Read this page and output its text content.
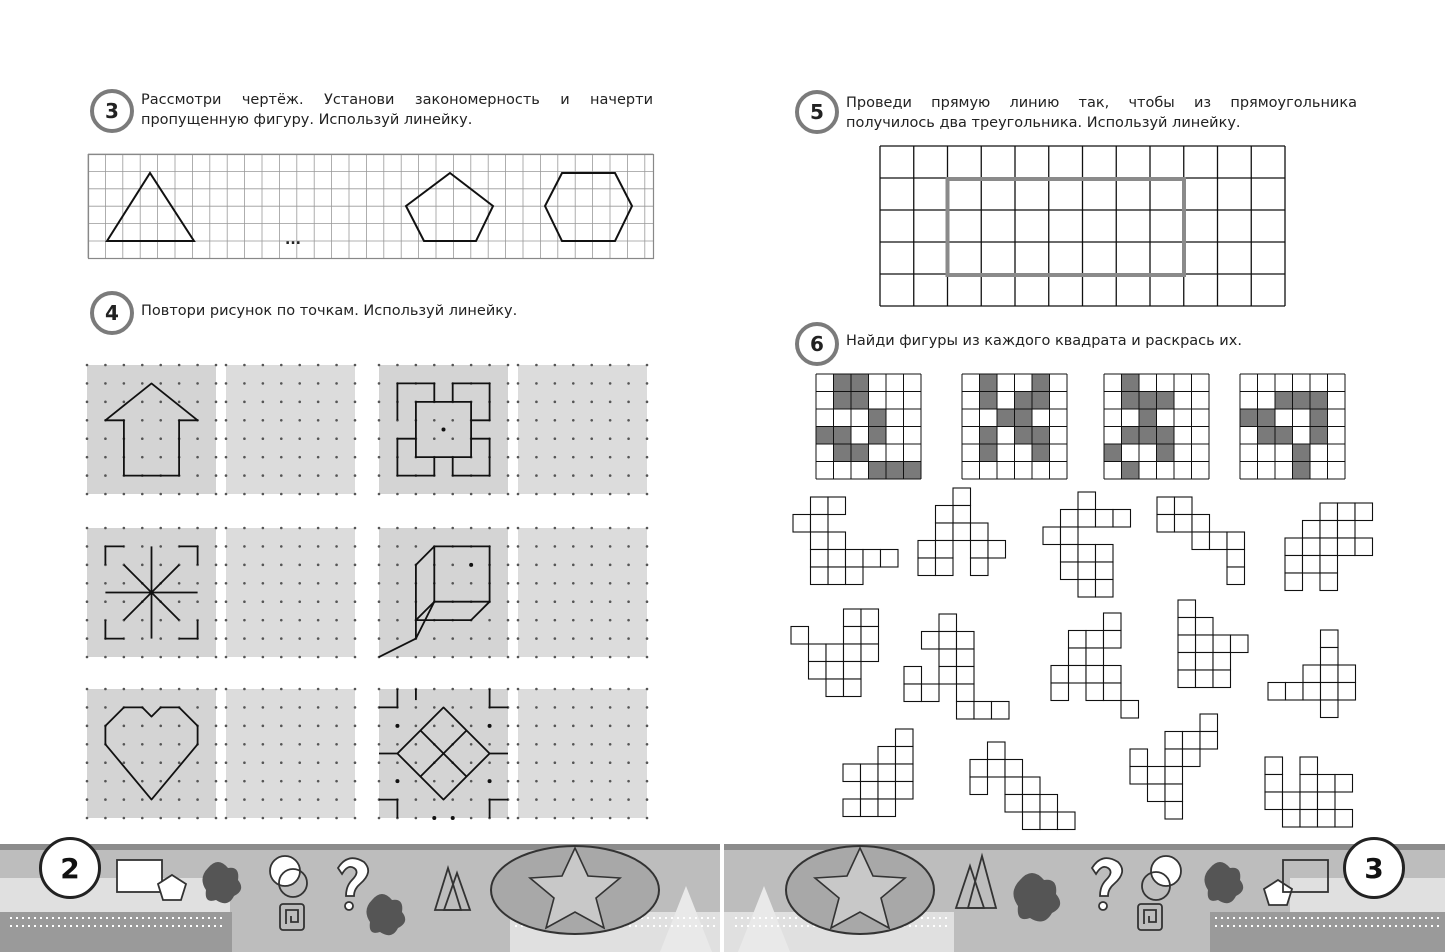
3 Рассмотри чертёж. Установи закономерность и начерти пропущенную фигуру. Используй линейку.
...
4 Повтори рисунок по точкам. Используй линейку.
5 Проведи прямую линию так, чтобы из прямоугольника получилось два треугольника. Используй линейку.
6 Найди фигуры из каждого квадрата и раскрась их.
2	3
